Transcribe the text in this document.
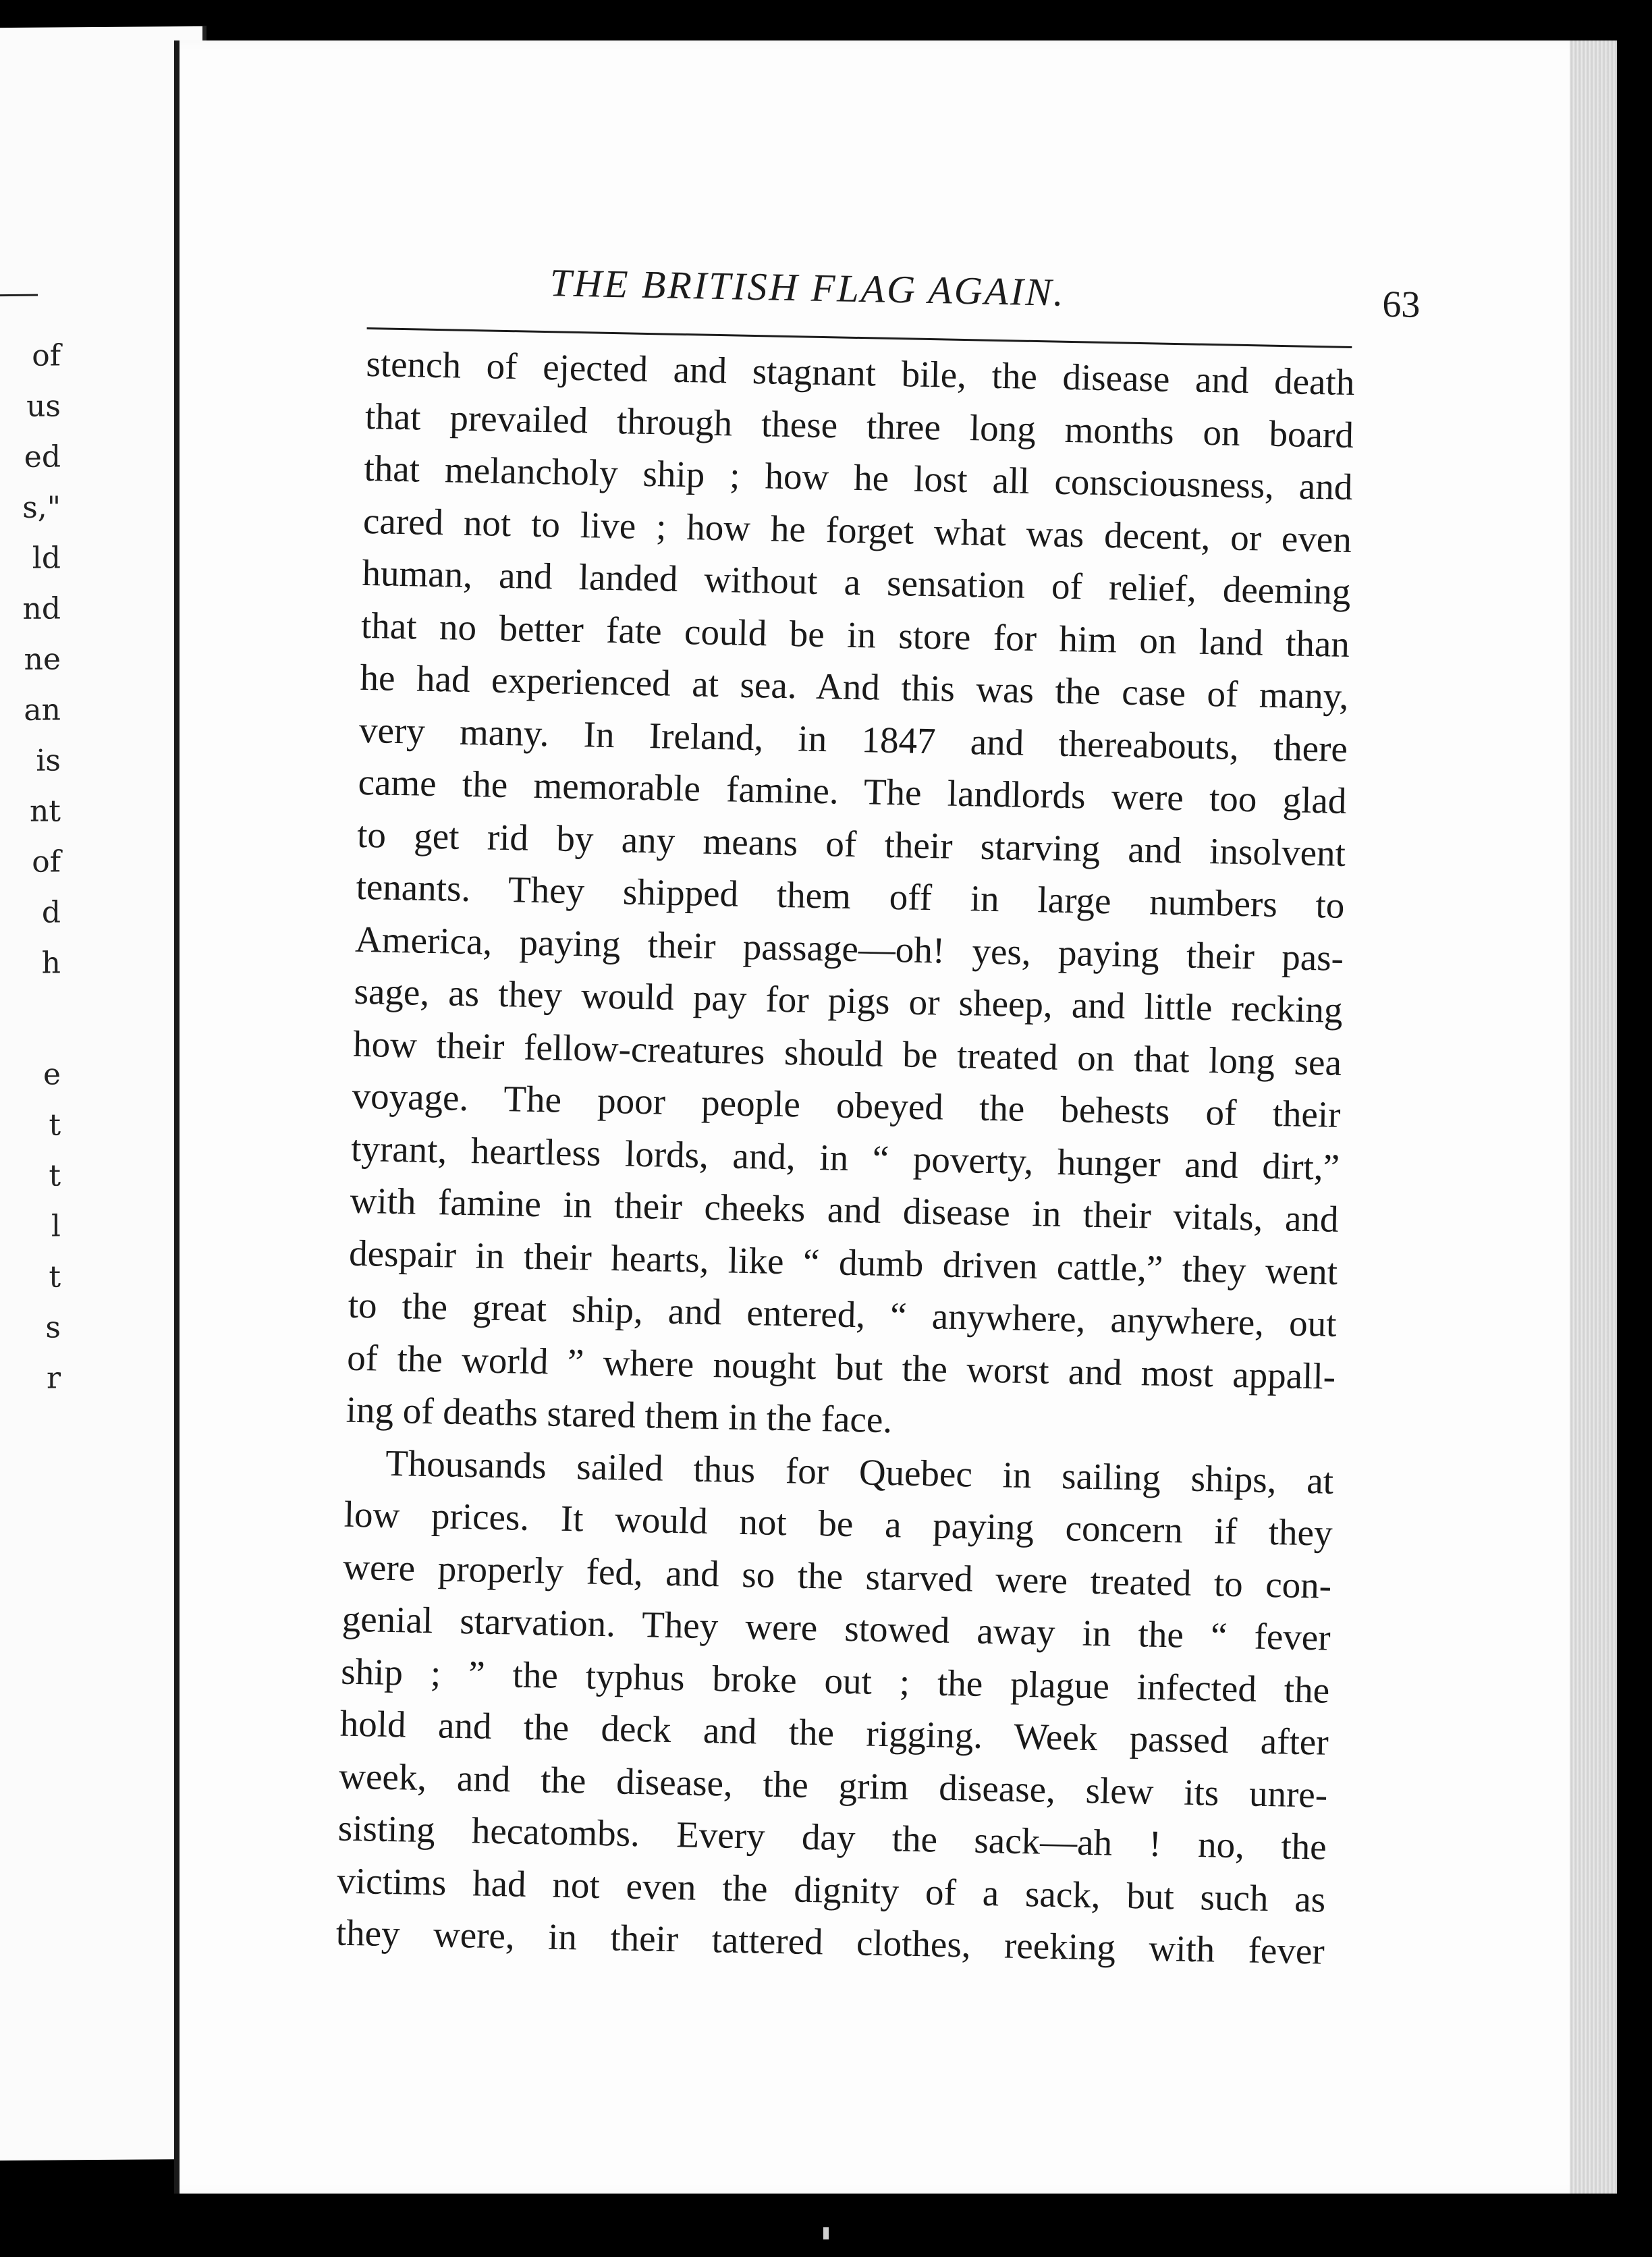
of
us
ed
s,"
ld
nd
ne
an
is
nt
of
d
h
e
t
t
l
t
s
r
THE BRITISH FLAG AGAIN.	63
stench of ejected and stagnant bile, the disease and death
that prevailed through these three long months on board
that melancholy ship ; how he lost all consciousness, and
cared not to live ; how he forget what was decent, or even
human, and landed without a sensation of relief, deeming
that no better fate could be in store for him on land than
he had experienced at sea. And this was the case of many,
very many. In Ireland, in 1847 and thereabouts, there
came the memorable famine. The landlords were too glad
to get rid by any means of their starving and insolvent
tenants. They shipped them off in large numbers to
America, paying their passage—oh! yes, paying their pas-
sage, as they would pay for pigs or sheep, and little recking
how their fellow-creatures should be treated on that long sea
voyage. The poor people obeyed the behests of their
tyrant, heartless lords, and, in “ poverty, hunger and dirt,”
with famine in their cheeks and disease in their vitals, and
despair in their hearts, like “ dumb driven cattle,” they went
to the great ship, and entered, “ anywhere, anywhere, out
of the world ” where nought but the worst and most appall-
ing of deaths stared them in the face.
Thousands sailed thus for Quebec in sailing ships, at
low prices. It would not be a paying concern if they
were properly fed, and so the starved were treated to con-
genial starvation. They were stowed away in the “ fever
ship ; ” the typhus broke out ; the plague infected the
hold and the deck and the rigging. Week passed after
week, and the disease, the grim disease, slew its unre-
sisting hecatombs. Every day the sack—ah ! no, the
victims had not even the dignity of a sack, but such as
they were, in their tattered clothes, reeking with fever
